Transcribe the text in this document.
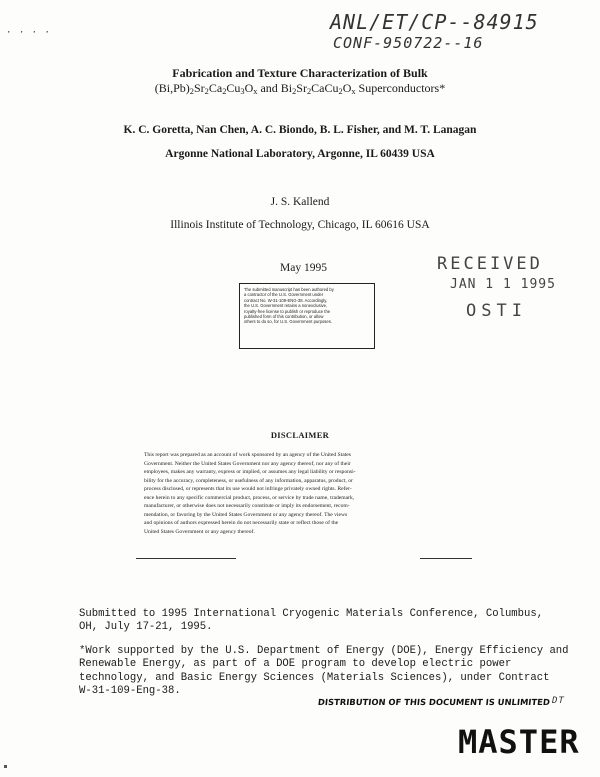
· · · ·	ANL/ET/CP--84915
CONF-950722--16
Fabrication and Texture Characterization of Bulk
$(Bi,Pb)_2Sr_2Ca_2Cu_3O_x$ and $Bi_2Sr_2CaCu_2O_x$ Superconductors*
K. C. Goretta, Nan Chen, A. C. Biondo, B. L. Fisher, and M. T. Lanagan
Argonne National Laboratory, Argonne, IL 60439 USA
J. S. Kallend
Illinois Institute of Technology, Chicago, IL 60616 USA
May 1995	RECEIVED
JAN 1 1 1995
OSTI
The submitted manuscript has been authored by
a contractor of the U.S. Government under
contract No. W-31-109-ENG-38. Accordingly,
the U.S. Government retains a nonexclusive,
royalty-free license to publish or reproduce the
published form of this contribution, or allow
others to do so, for U.S. Government purposes.
DISCLAIMER
This report was prepared as an account of work sponsored by an agency of the United States
Government. Neither the United States Government nor any agency thereof, nor any of their
employees, makes any warranty, express or implied, or assumes any legal liability or responsi-
bility for the accuracy, completeness, or usefulness of any information, apparatus, product, or
process disclosed, or represents that its use would not infringe privately owned rights. Refer-
ence herein to any specific commercial product, process, or service by trade name, trademark,
manufacturer, or otherwise does not necessarily constitute or imply its endorsement, recom-
mendation, or favoring by the United States Government or any agency thereof. The views
and opinions of authors expressed herein do not necessarily state or reflect those of the
United States Government or any agency thereof.
Submitted to 1995 International Cryogenic Materials Conference, Columbus,
OH, July 17-21, 1995.
*Work supported by the U.S. Department of Energy (DOE), Energy Efficiency and
Renewable Energy, as part of a DOE program to develop electric power
technology, and Basic Energy Sciences (Materials Sciences), under Contract
W-31-109-Eng-38.
DISTRIBUTION OF THIS DOCUMENT IS UNLIMITED DT
MASTER
